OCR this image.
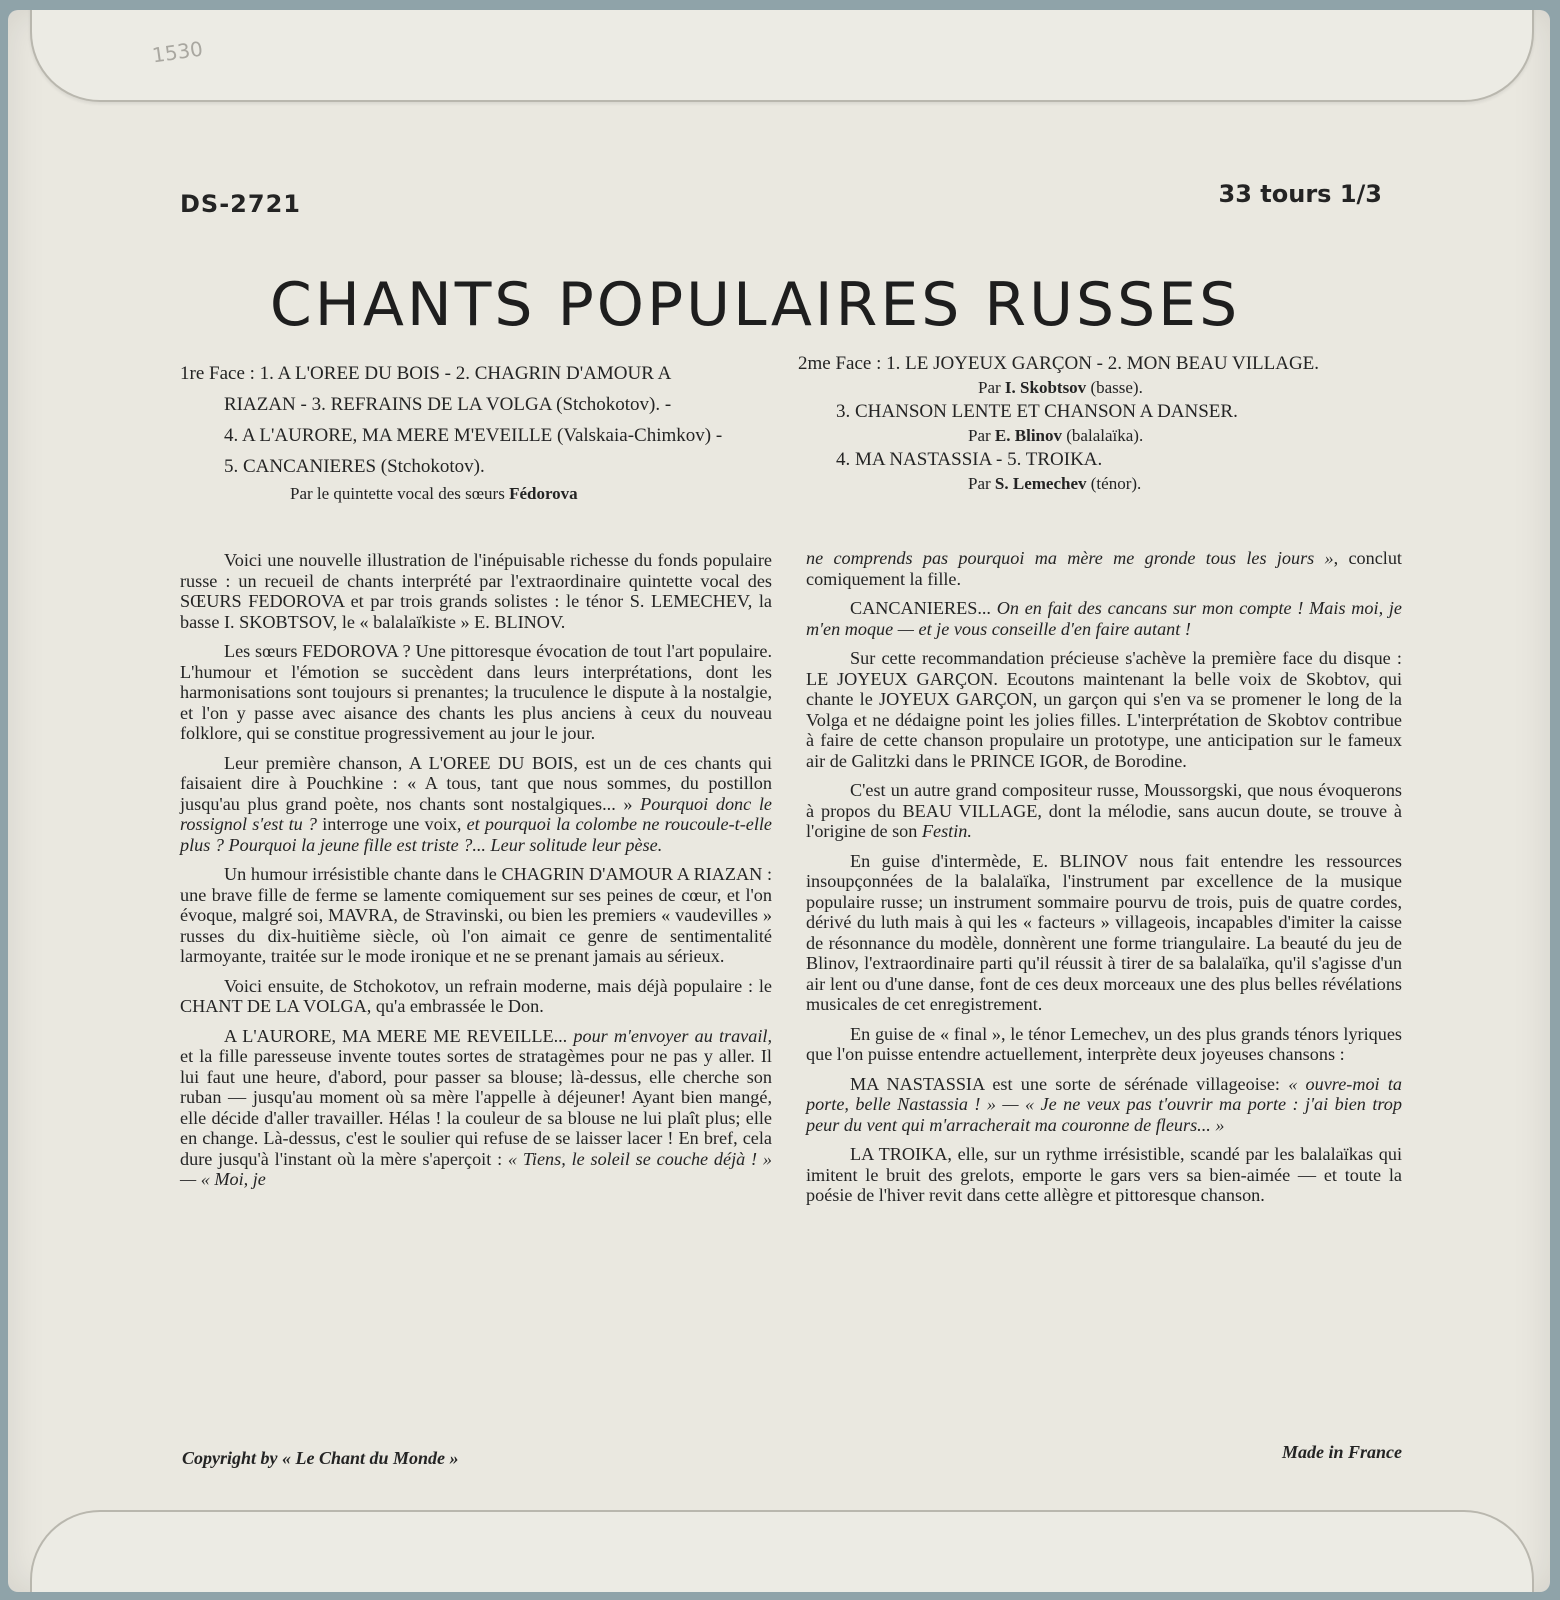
1530
DS-2721	33 tours 1/3
CHANTS POPULAIRES RUSSES
1re Face : 1. A L'OREE DU BOIS - 2. CHAGRIN D'AMOUR A
RIAZAN - 3. REFRAINS DE LA VOLGA (Stchokotov). -
4. A L'AURORE, MA MERE M'EVEILLE (Valskaia-Chimkov) -
5. CANCANIERES (Stchokotov).
Par le quintette vocal des sœurs Fédorova
2me Face : 1. LE JOYEUX GARÇON - 2. MON BEAU VILLAGE.
Par I. Skobtsov (basse).
3. CHANSON LENTE ET CHANSON A DANSER.
Par E. Blinov (balalaïka).
4. MA NASTASSIA - 5. TROIKA.
Par S. Lemechev (ténor).

Voici une nouvelle illustration de l'inépuisable richesse du fonds populaire russe : un recueil de chants interprété par l'extraordinaire quintette vocal des SŒURS FEDOROVA et par trois grands solistes : le ténor S. LEMECHEV, la basse I. SKOBTSOV, le « balalaïkiste » E. BLINOV.

Les sœurs FEDOROVA ? Une pittoresque évocation de tout l'art populaire. L'humour et l'émotion se succèdent dans leurs interprétations, dont les harmonisations sont toujours si prenantes; la truculence le dispute à la nostalgie, et l'on y passe avec aisance des chants les plus anciens à ceux du nouveau folklore, qui se constitue progressivement au jour le jour.

Leur première chanson, A L'OREE DU BOIS, est un de ces chants qui faisaient dire à Pouchkine : « A tous, tant que nous sommes, du postillon jusqu'au plus grand poète, nos chants sont nostalgiques... » Pourquoi donc le rossignol s'est tu ? interroge une voix, et pourquoi la colombe ne roucoule-t-elle plus ? Pourquoi la jeune fille est triste ?... Leur solitude leur pèse.

Un humour irrésistible chante dans le CHAGRIN D'AMOUR A RIAZAN : une brave fille de ferme se lamente comiquement sur ses peines de cœur, et l'on évoque, malgré soi, MAVRA, de Stravinski, ou bien les premiers « vaudevilles » russes du dix-huitième siècle, où l'on aimait ce genre de sentimentalité larmoyante, traitée sur le mode ironique et ne se prenant jamais au sérieux.

Voici ensuite, de Stchokotov, un refrain moderne, mais déjà populaire : le CHANT DE LA VOLGA, qu'a embrassée le Don.

A L'AURORE, MA MERE ME REVEILLE... pour m'envoyer au travail, et la fille paresseuse invente toutes sortes de stratagèmes pour ne pas y aller. Il lui faut une heure, d'abord, pour passer sa blouse; là-dessus, elle cherche son ruban — jusqu'au moment où sa mère l'appelle à déjeuner! Ayant bien mangé, elle décide d'aller travailler. Hélas ! la couleur de sa blouse ne lui plaît plus; elle en change. Là-dessus, c'est le soulier qui refuse de se laisser lacer ! En bref, cela dure jusqu'à l'instant où la mère s'aperçoit : « Tiens, le soleil se couche déjà ! » — « Moi, je

ne comprends pas pourquoi ma mère me gronde tous les jours », conclut comiquement la fille.

CANCANIERES... On en fait des cancans sur mon compte ! Mais moi, je m'en moque — et je vous conseille d'en faire autant !

Sur cette recommandation précieuse s'achève la première face du disque : LE JOYEUX GARÇON. Ecoutons maintenant la belle voix de Skobtov, qui chante le JOYEUX GARÇON, un garçon qui s'en va se promener le long de la Volga et ne dédaigne point les jolies filles. L'interprétation de Skobtov contribue à faire de cette chanson propulaire un prototype, une anticipation sur le fameux air de Galitzki dans le PRINCE IGOR, de Borodine.

C'est un autre grand compositeur russe, Moussorgski, que nous évoquerons à propos du BEAU VILLAGE, dont la mélodie, sans aucun doute, se trouve à l'origine de son Festin.

En guise d'intermède, E. BLINOV nous fait entendre les ressources insoupçonnées de la balalaïka, l'instrument par excellence de la musique populaire russe; un instrument sommaire pourvu de trois, puis de quatre cordes, dérivé du luth mais à qui les « facteurs » villageois, incapables d'imiter la caisse de résonnance du modèle, donnèrent une forme triangulaire. La beauté du jeu de Blinov, l'extraordinaire parti qu'il réussit à tirer de sa balalaïka, qu'il s'agisse d'un air lent ou d'une danse, font de ces deux morceaux une des plus belles révélations musicales de cet enregistrement.

En guise de « final », le ténor Lemechev, un des plus grands ténors lyriques que l'on puisse entendre actuellement, interprète deux joyeuses chansons :

MA NASTASSIA est une sorte de sérénade villageoise: « ouvre-moi ta porte, belle Nastassia ! » — « Je ne veux pas t'ouvrir ma porte : j'ai bien trop peur du vent qui m'arracherait ma couronne de fleurs... »

LA TROIKA, elle, sur un rythme irrésistible, scandé par les balalaïkas qui imitent le bruit des grelots, emporte le gars vers sa bien-aimée — et toute la poésie de l'hiver revit dans cette allègre et pittoresque chanson.

Copyright by « Le Chant du Monde »	Made in France
